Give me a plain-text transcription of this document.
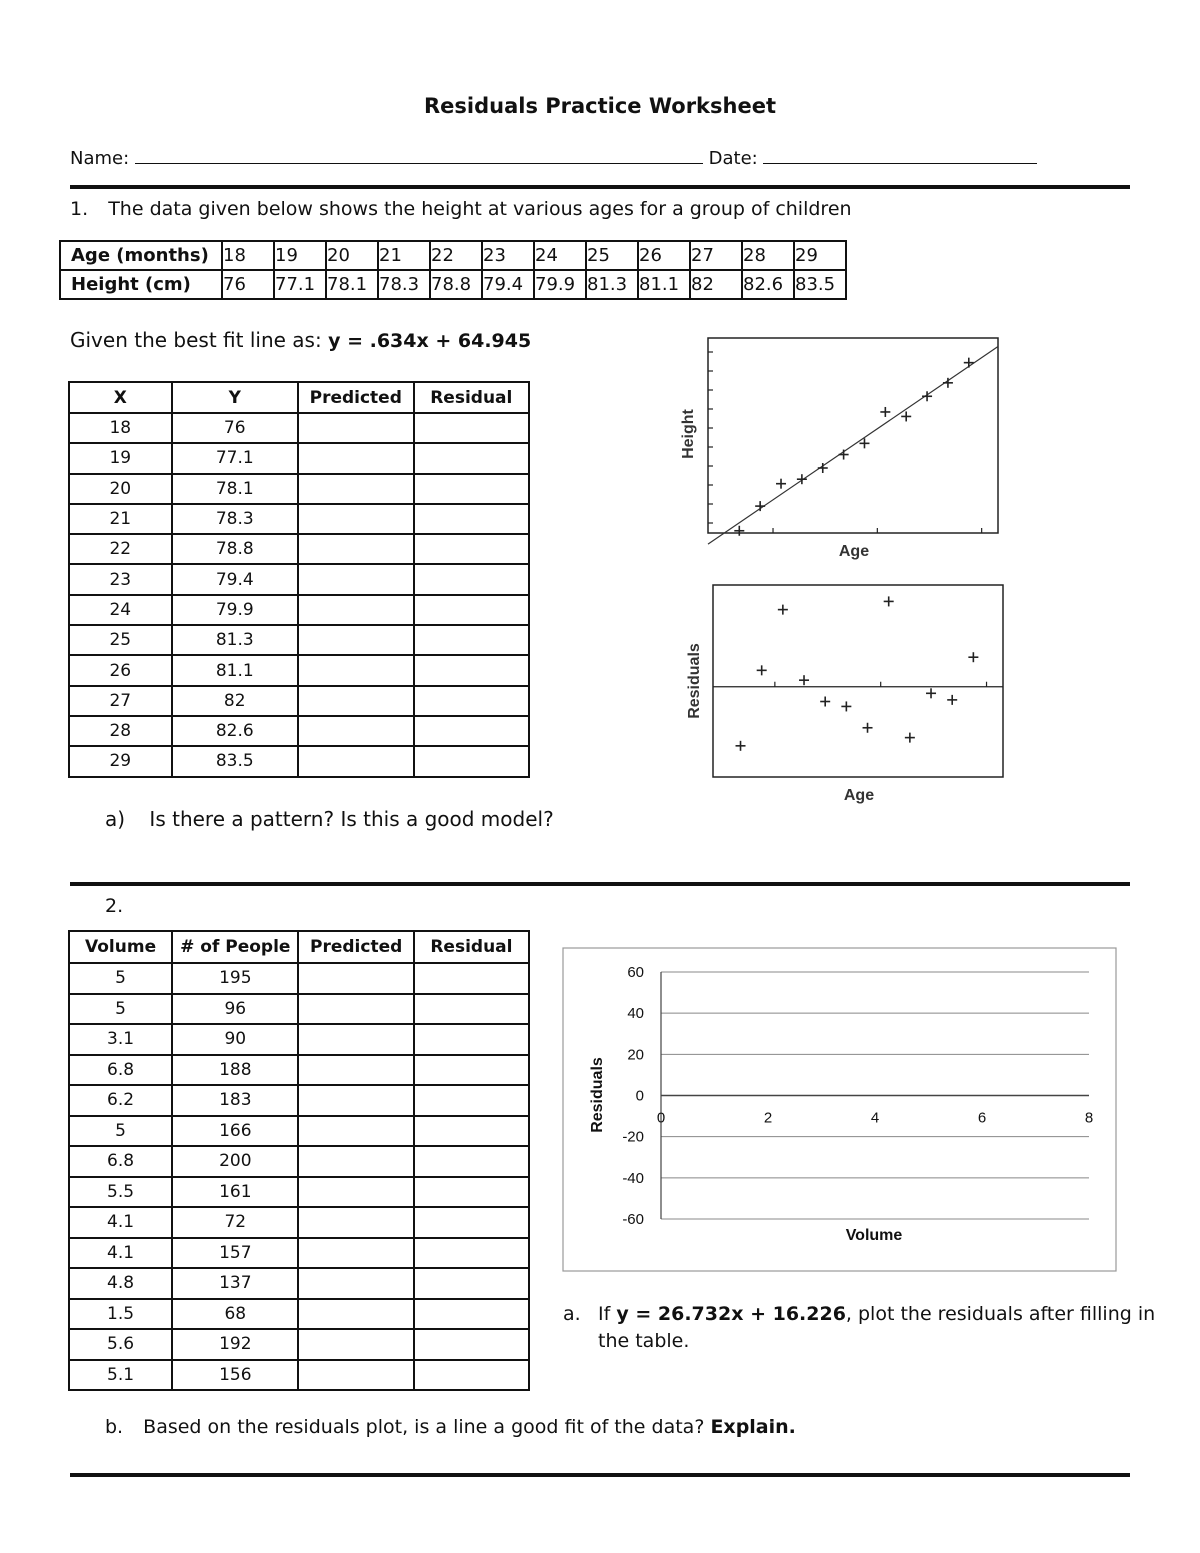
Residuals Practice Worksheet
Name:	Date:
1. The data given below shows the height at various ages for a group of children
Age (months)	18	19	20	21	22	23	24	25	26	27	28	29
Height (cm)	76	77.1	78.1	78.3	78.8	79.4	79.9	81.3	81.1	82	82.6	83.5
Given the best fit line as: y = .634x + 64.945
X	Y	Predicted	Residual
18	76		
19	77.1		
20	78.1		
21	78.3		
22	78.8		
23	79.4		
24	79.9		
25	81.3		
26	81.1		
27	82		
28	82.6		
29	83.5		
Height
Age
Residuals
Age
a) Is there a pattern? Is this a good model?
2.
Volume	# of People	Predicted	Residual
5	195		
5	96		
3.1	90		
6.8	188		
6.2	183		
5	166		
6.8	200		
5.5	161		
4.1	72		
4.1	157		
4.8	137		
1.5	68		
5.6	192		
5.1	156		
60
40
20
0
-20
-40
-60
0	2	4	6	8
Residuals
Volume
a. If y = 26.732x + 16.226, plot the residuals after filling in the table.
b. Based on the residuals plot, is a line a good fit of the data? Explain.
